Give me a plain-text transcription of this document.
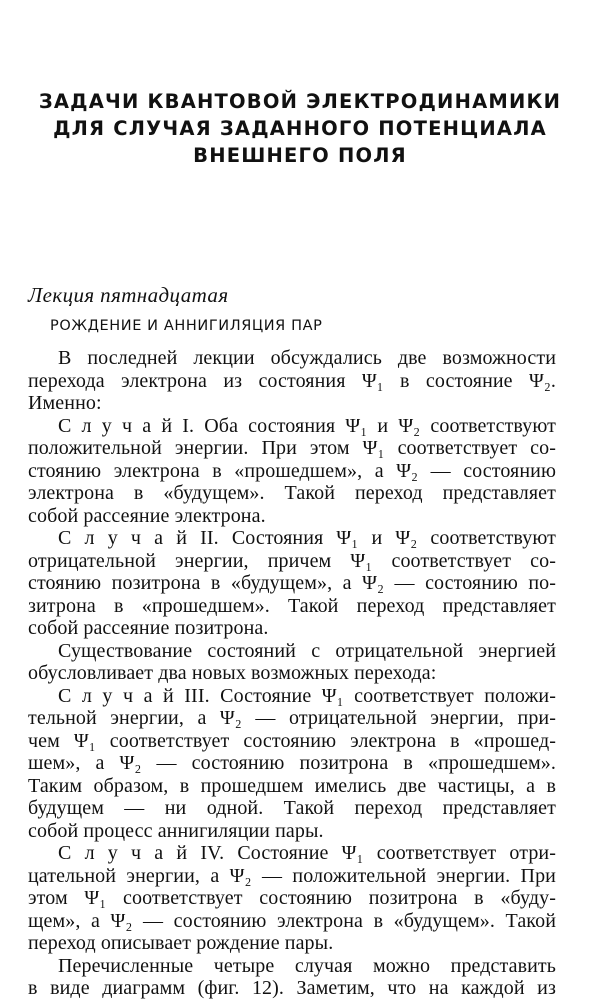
ЗАДАЧИ КВАНТОВОЙ ЭЛЕКТРОДИНАМИКИ
ДЛЯ СЛУЧАЯ ЗАДАННОГО ПОТЕНЦИАЛА
ВНЕШНЕГО ПОЛЯ
Лекция пятнадцатая
РОЖДЕНИЕ И АННИГИЛЯЦИЯ ПАР
В последней лекции обсуждались две возможности
перехода электрона из состояния Ψ₁ в состояние Ψ₂.
Именно:
С л у ч а й I. Оба состояния Ψ₁ и Ψ₂ соответствуют
положительной энергии. При этом Ψ₁ соответствует со-
стоянию электрона в «прошедшем», а Ψ₂ — состоянию
электрона в «будущем». Такой переход представляет
собой рассеяние электрона.
С л у ч а й II. Состояния Ψ₁ и Ψ₂ соответствуют
отрицательной энергии, причем Ψ₁ соответствует со-
стоянию позитрона в «будущем», а Ψ₂ — состоянию по-
зитрона в «прошедшем». Такой переход представляет
собой рассеяние позитрона.
Существование состояний с отрицательной энергией
обусловливает два новых возможных перехода:
С л у ч а й III. Состояние Ψ₁ соответствует положи-
тельной энергии, а Ψ₂ — отрицательной энергии, при-
чем Ψ₁ соответствует состоянию электрона в «прошед-
шем», а Ψ₂ — состоянию позитрона в «прошедшем».
Таким образом, в прошедшем имелись две частицы, а в
будущем — ни одной. Такой переход представляет
собой процесс аннигиляции пары.
С л у ч а й IV. Состояние Ψ₁ соответствует отри-
цательной энергии, а Ψ₂ — положительной энергии. При
этом Ψ₁ соответствует состоянию позитрона в «буду-
щем», а Ψ₂ — состоянию электрона в «будущем». Такой
переход описывает рождение пары.
Перечисленные четыре случая можно представить
в виде диаграмм (фиг. 12). Заметим, что на каждой из
